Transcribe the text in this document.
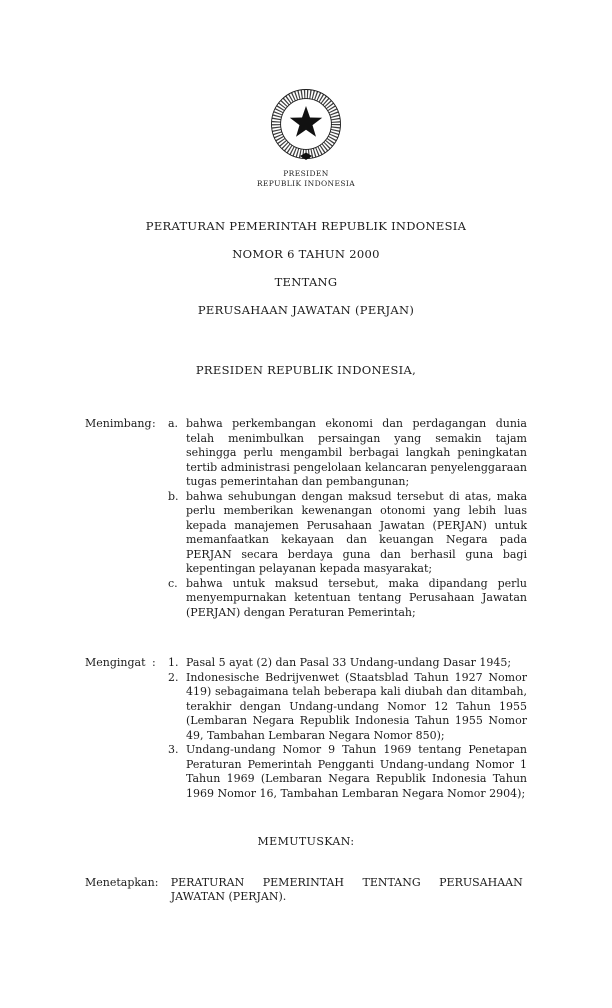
PRESIDEN
REPUBLIK INDONESIA
PERATURAN PEMERINTAH REPUBLIK INDONESIA
NOMOR 6 TAHUN 2000
TENTANG
PERUSAHAAN JAWATAN (PERJAN)
PRESIDEN REPUBLIK INDONESIA,
Menimbang :	a. bahwa perkembangan ekonomi dan perdagangan dunia telah menimbulkan persaingan yang semakin tajam sehingga perlu mengambil berbagai langkah peningkatan tertib administrasi pengelolaan kelancaran penyelenggaraan tugas pemerintahan dan pembangunan;
b. bahwa sehubungan dengan maksud tersebut di atas, maka perlu memberikan kewenangan otonomi yang lebih luas kepada manajemen Perusahaan Jawatan (PERJAN) untuk memanfaatkan kekayaan dan keuangan Negara pada PERJAN secara berdaya guna dan berhasil guna bagi kepentingan pelayanan kepada masyarakat;
c. bahwa untuk maksud tersebut, maka dipandang perlu menyempurnakan ketentuan tentang Perusahaan Jawatan (PERJAN) dengan Peraturan Pemerintah;
Mengingat :	1. Pasal 5 ayat (2) dan Pasal 33 Undang-undang Dasar 1945;
2. Indonesische Bedrijvenwet (Staatsblad Tahun 1927 Nomor 419) sebagaimana telah beberapa kali diubah dan ditambah, terakhir dengan Undang-undang Nomor 12 Tahun 1955 (Lembaran Negara Republik Indonesia Tahun 1955 Nomor 49, Tambahan Lembaran Negara Nomor 850);
3. Undang-undang Nomor 9 Tahun 1969 tentang Penetapan Peraturan Pemerintah Pengganti Undang-undang Nomor 1 Tahun 1969 (Lembaran Negara Republik Indonesia Tahun 1969 Nomor 16, Tambahan Lembaran Negara Nomor 2904);
MEMUTUSKAN:
Menetapkan :	PERATURAN PEMERINTAH TENTANG PERUSAHAAN JAWATAN (PERJAN).
